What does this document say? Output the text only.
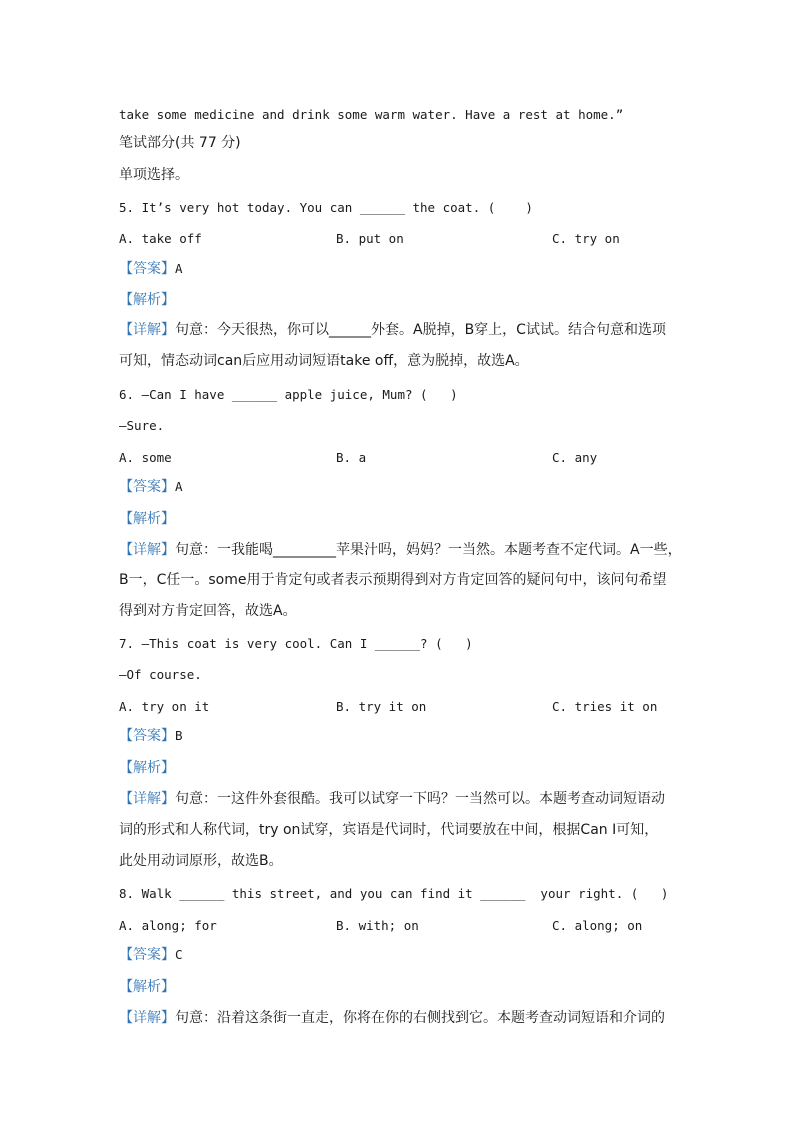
take some medicine and drink some warm water. Have a rest at home.”
笔试部分(共 77 分)
单项选择。
5. It’s very hot today. You can ______ the coat. (    )
A. take off	B. put on	C. try on
【答案】A
【解析】
【详解】句意：今天很热，你可以______外套。A脱掉，B穿上，C试试。结合句意和选项
可知，情态动词can后应用动词短语take off，意为脱掉，故选A。
6. —Can I have ______ apple juice, Mum? (   )
—Sure.
A. some	B. a	C. any
【答案】A
【解析】
【详解】句意：一我能喝_________苹果汁吗，妈妈？一当然。本题考查不定代词。A一些，
B一，C任一。some用于肯定句或者表示预期得到对方肯定回答的疑问句中，该问句希望
得到对方肯定回答，故选A。
7. —This coat is very cool. Can I ______? (   )
—Of course.
A. try on it	B. try it on	C. tries it on
【答案】B
【解析】
【详解】句意：一这件外套很酷。我可以试穿一下吗？一当然可以。本题考查动词短语动
词的形式和人称代词，try on试穿，宾语是代词时，代词要放在中间，根据Can I可知，
此处用动词原形，故选B。
8. Walk ______ this street, and you can find it ______  your right. (   )
A. along; for	B. with; on	C. along; on
【答案】C
【解析】
【详解】句意：沿着这条街一直走，你将在你的右侧找到它。本题考查动词短语和介词的
